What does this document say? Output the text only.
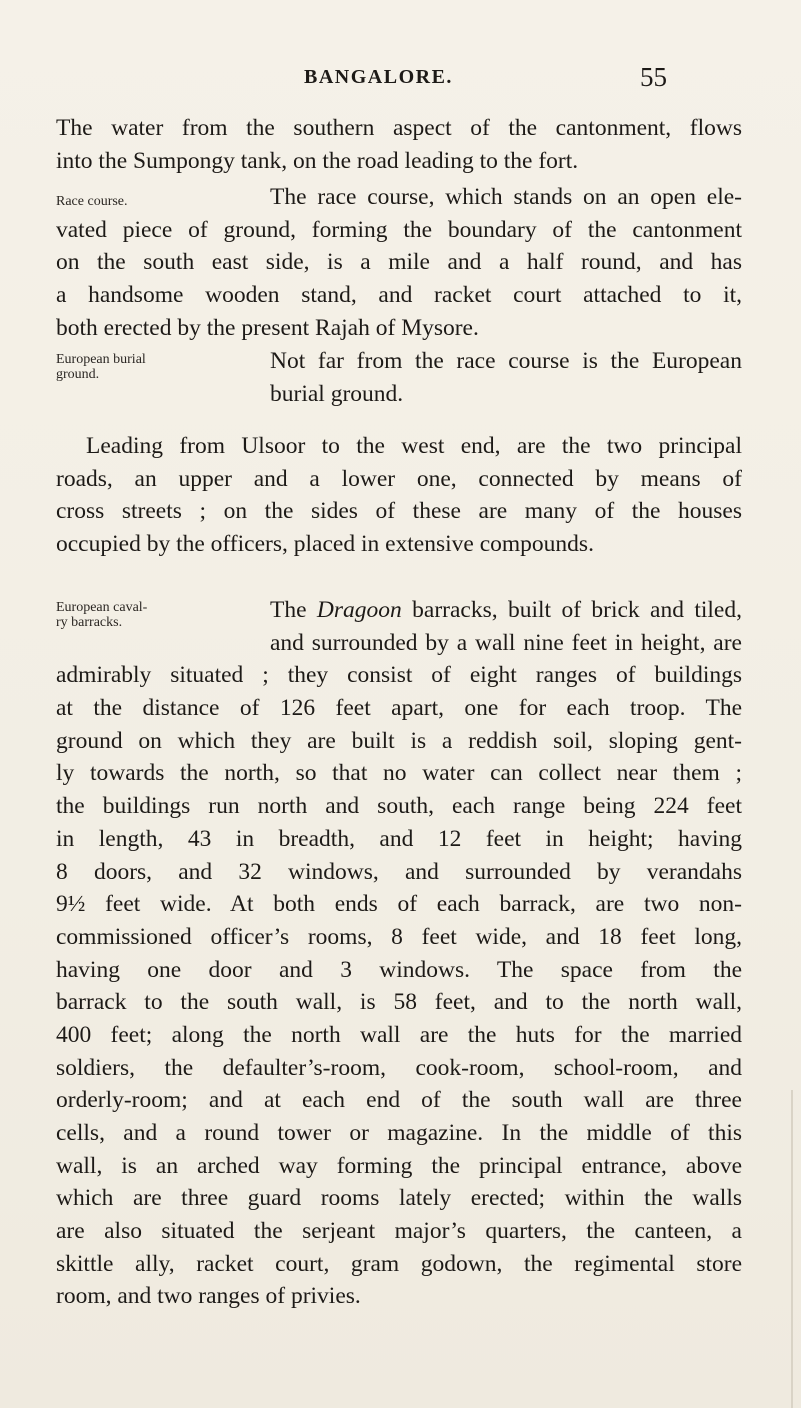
BANGALORE.	55
The water from the southern aspect of the cantonment, flows
into the Sumpongy tank, on the road leading to the fort.
Race course.	The race course, which stands on an open ele-
vated piece of ground, forming the boundary of the cantonment
on the south east side, is a mile and a half round, and has
a handsome wooden stand, and racket court attached to it,
both erected by the present Rajah of Mysore.
European burial
ground.
Not far from the race course is the European
burial ground.
Leading from Ulsoor to the west end, are the two principal
roads, an upper and a lower one, connected by means of
cross streets ; on the sides of these are many of the houses
occupied by the officers, placed in extensive compounds.
European caval-
ry barracks.	The Dragoon barracks, built of brick and tiled,
and surrounded by a wall nine feet in height, are
admirably situated ; they consist of eight ranges of buildings
at the distance of 126 feet apart, one for each troop. The
ground on which they are built is a reddish soil, sloping gent-
ly towards the north, so that no water can collect near them ;
the buildings run north and south, each range being 224 feet
in length, 43 in breadth, and 12 feet in height; having
8 doors, and 32 windows, and surrounded by verandahs
9½ feet wide. At both ends of each barrack, are two non-
commissioned officer’s rooms, 8 feet wide, and 18 feet long,
having one door and 3 windows. The space from the
barrack to the south wall, is 58 feet, and to the north wall,
400 feet; along the north wall are the huts for the married
soldiers, the defaulter’s-room, cook-room, school-room, and
orderly-room; and at each end of the south wall are three
cells, and a round tower or magazine. In the middle of this
wall, is an arched way forming the principal entrance, above
which are three guard rooms lately erected; within the walls
are also situated the serjeant major’s quarters, the canteen, a
skittle ally, racket court, gram godown, the regimental store
room, and two ranges of privies.
